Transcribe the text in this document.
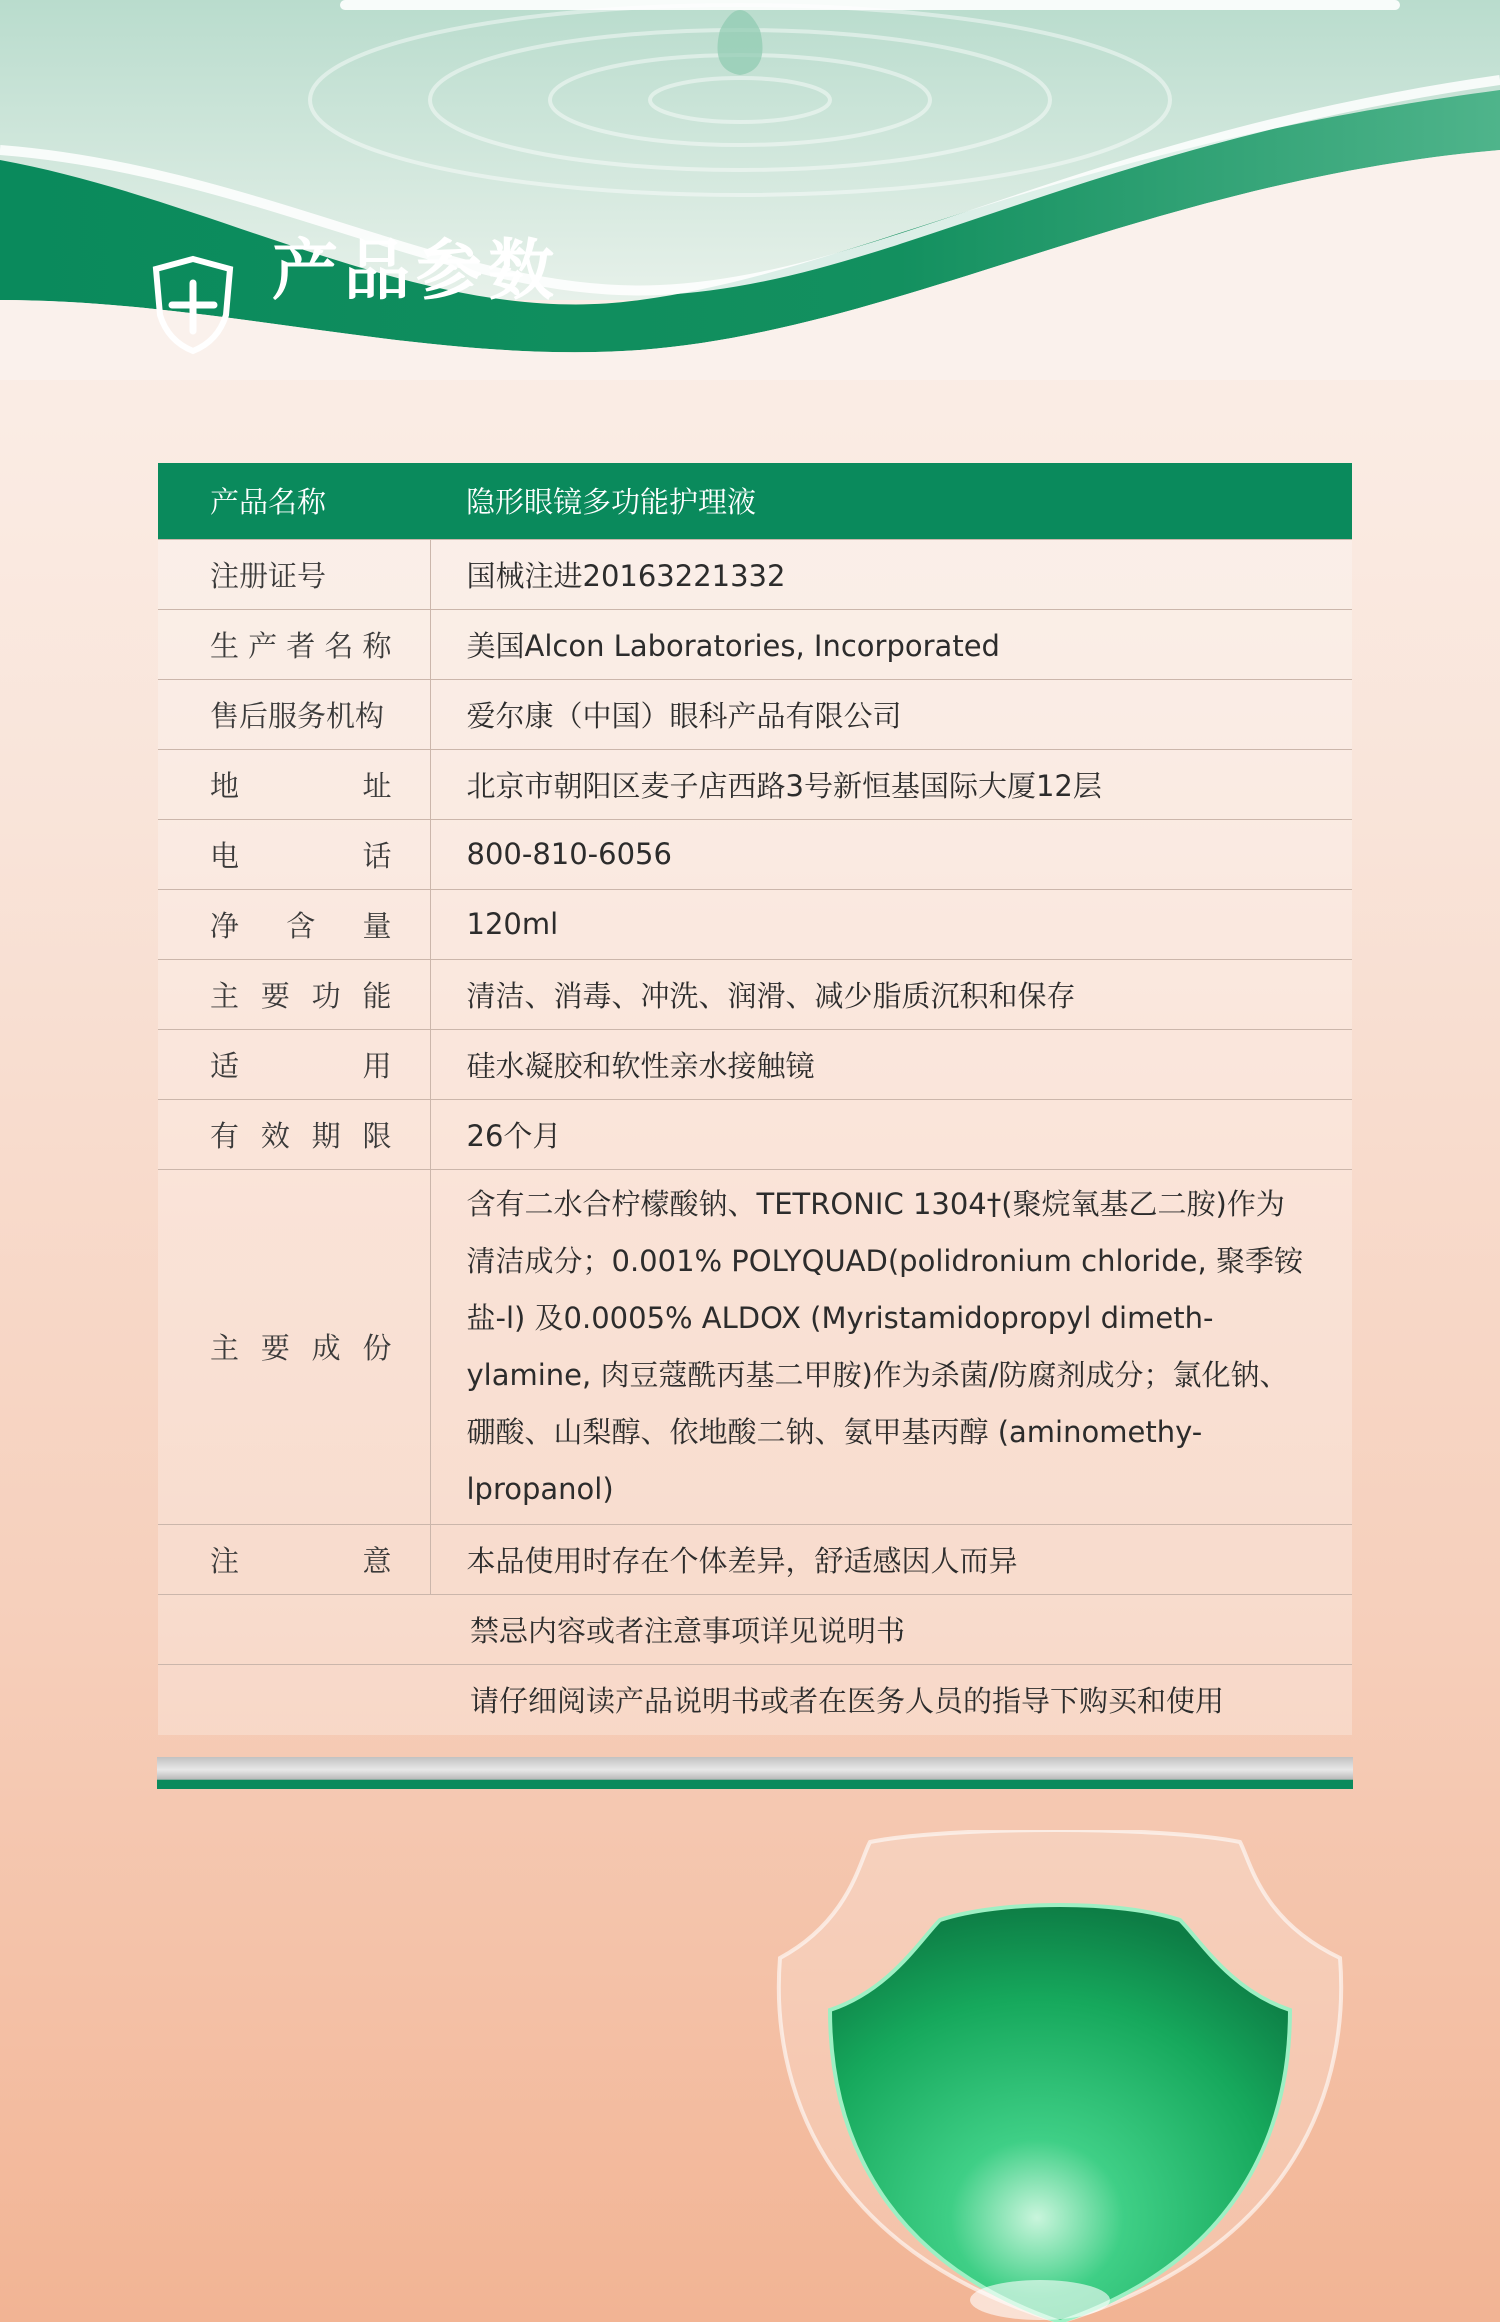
产品参数
产品名称	隐形眼镜多功能护理液
注册证号	国械注进20163221332
生产者名称	美国Alcon Laboratories, Incorporated
售后服务机构	爱尔康（中国）眼科产品有限公司
地址	北京市朝阳区麦子店西路3号新恒基国际大厦12层
电话	800-810-6056
净含量	120ml
主要功能	清洁、消毒、冲洗、润滑、减少脂质沉积和保存
适用	硅水凝胶和软性亲水接触镜
有效期限	26个月
主要成份	含有二水合柠檬酸钠、TETRONIC 1304†(聚烷氧基乙二胺)作为清洁成分；0.001% POLYQUAD(polidronium chloride, 聚季铵盐-l) 及0.0005% ALDOX (Myristamidopropyl dimeth-ylamine, 肉豆蔻酰丙基二甲胺)作为杀菌/防腐剂成分；氯化钠、硼酸、山梨醇、依地酸二钠、氨甲基丙醇 (aminomethy-lpropanol)
注意	本品使用时存在个体差异，舒适感因人而异
禁忌内容或者注意事项详见说明书	
请仔细阅读产品说明书或者在医务人员的指导下购买和使用	
